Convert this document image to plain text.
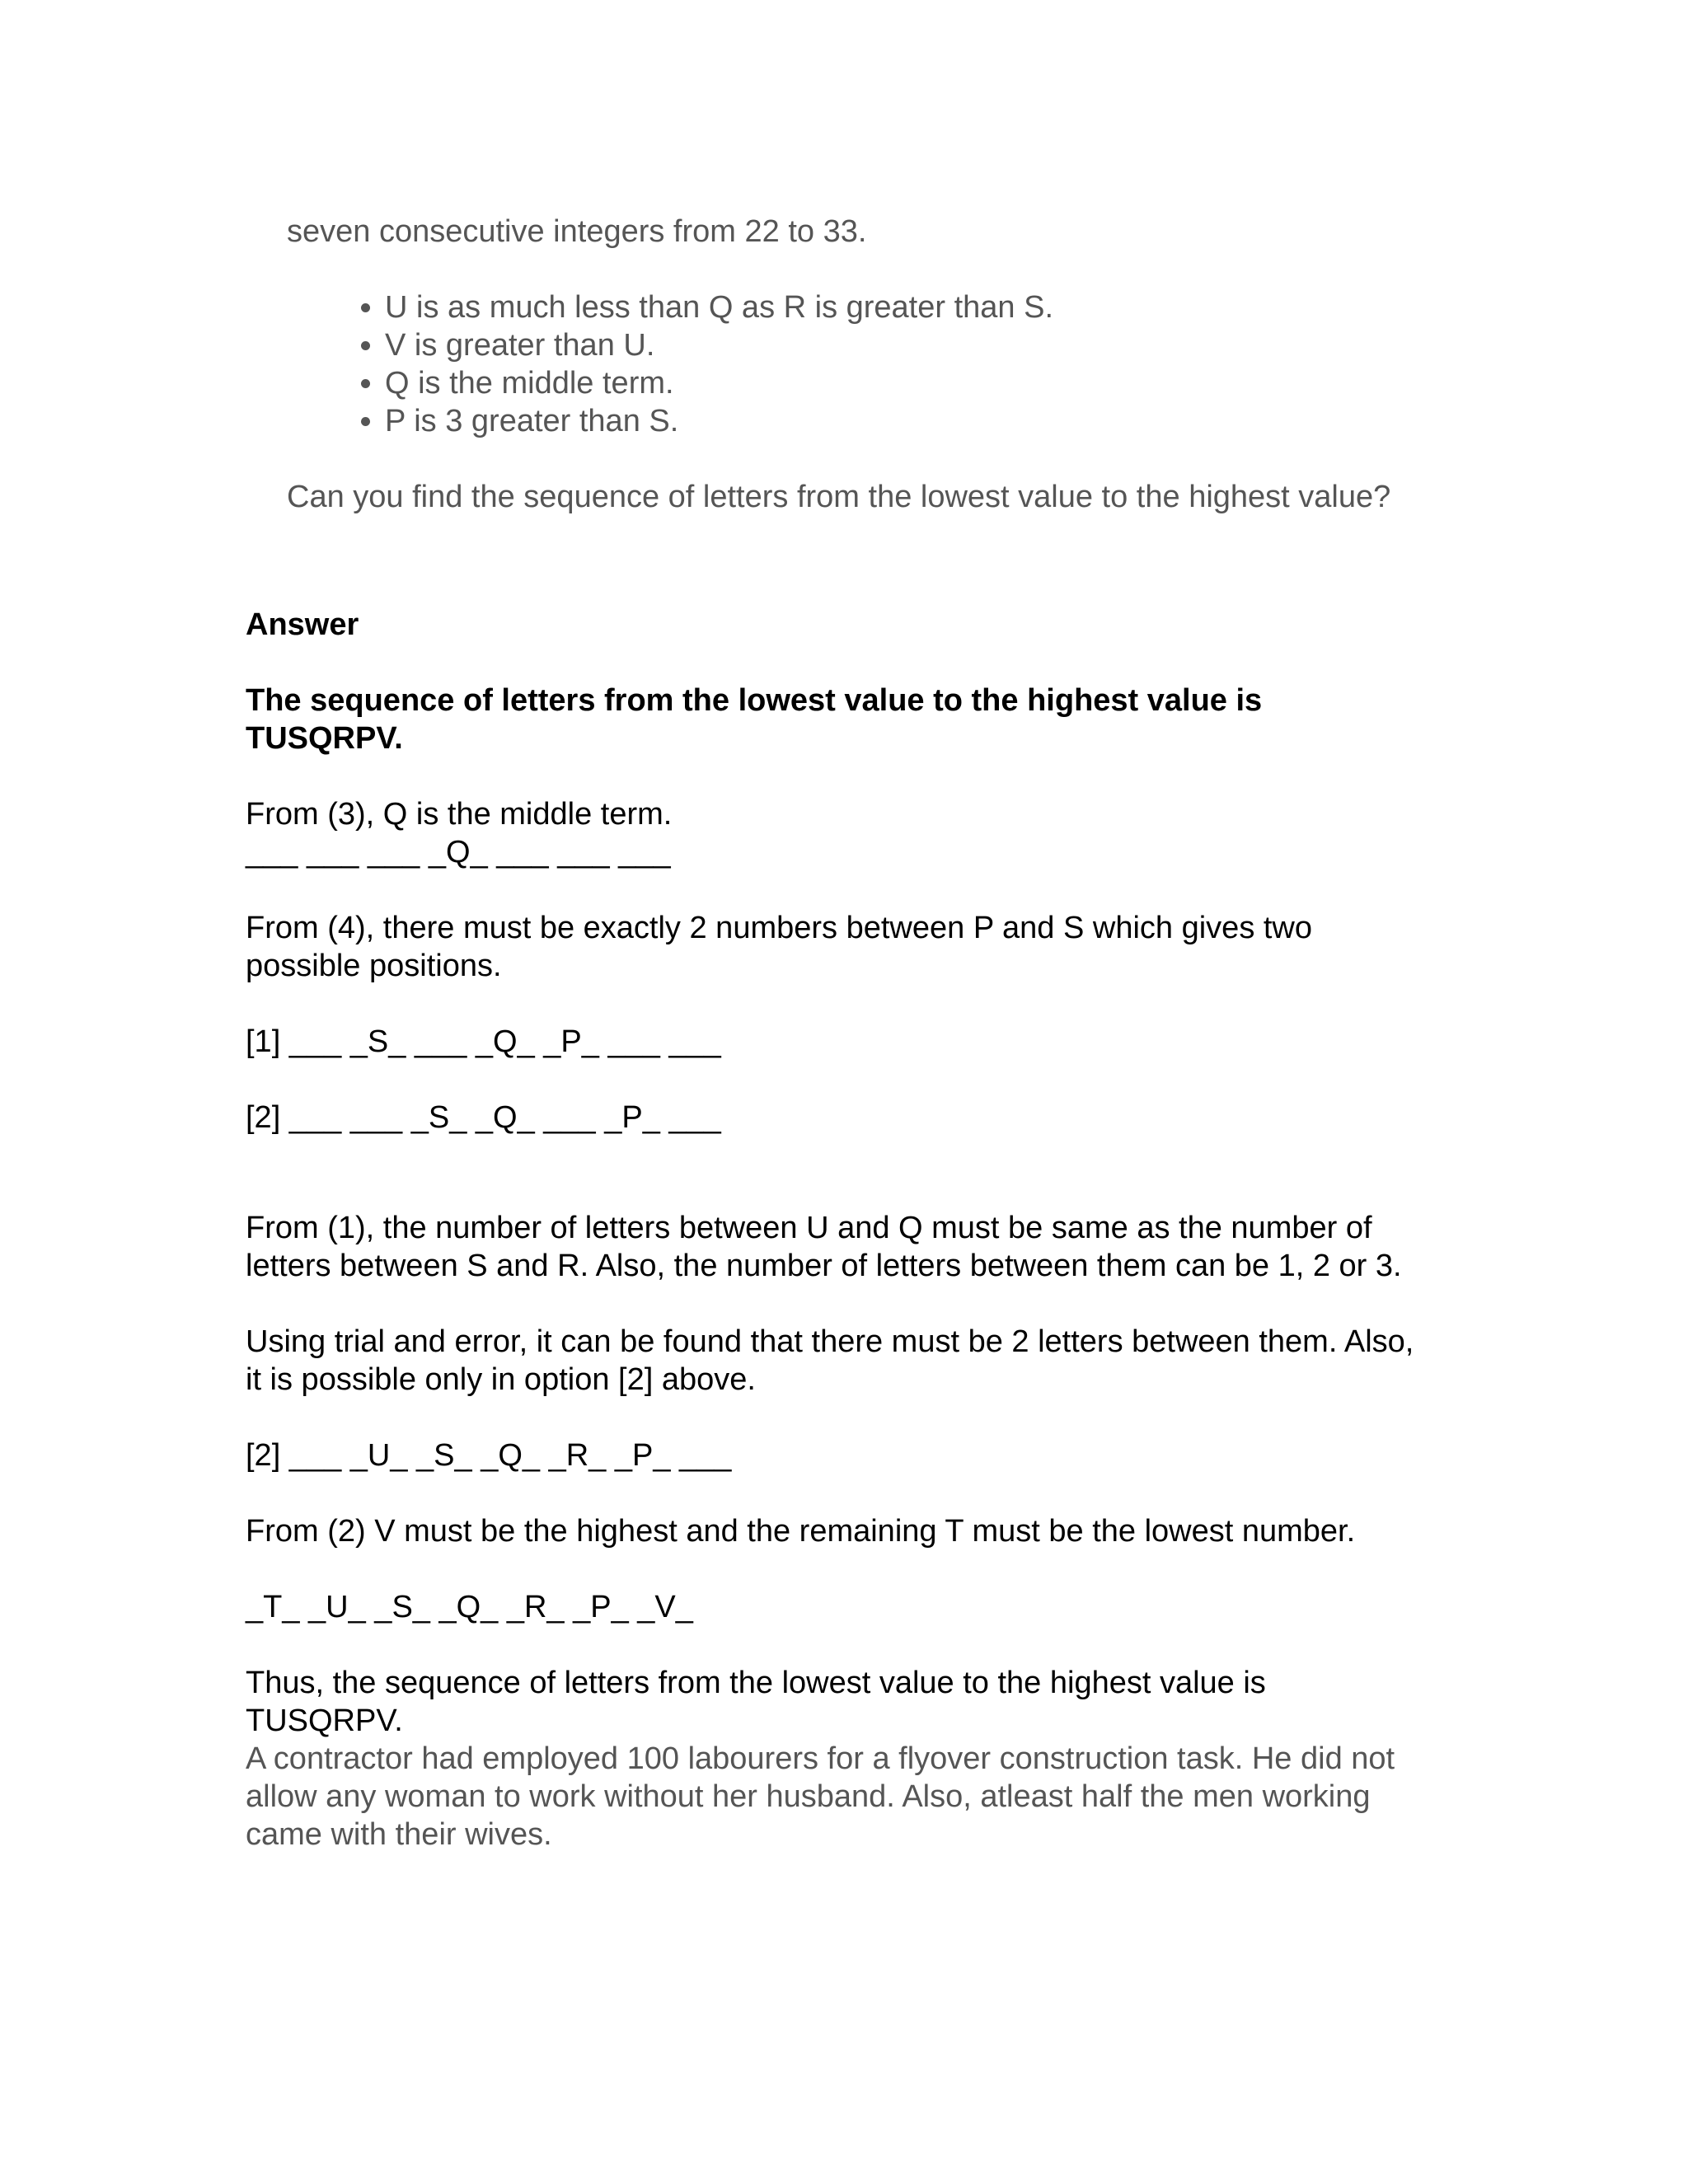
seven consecutive integers from 22 to 33.

• U is as much less than Q as R is greater than S.
• V is greater than U.
• Q is the middle term.
• P is 3 greater than S.

Can you find the sequence of letters from the lowest value to the highest value?

Answer

The sequence of letters from the lowest value to the highest value is TUSQRPV.

From (3), Q is the middle term.

___ ___ ___ _Q_ ___ ___ ___

From (4), there must be exactly 2 numbers between P and S which gives two possible positions.

[1] ___ _S_ ___ _Q_ _P_ ___ ___

[2] ___ ___ _S_ _Q_ ___ _P_ ___

From (1), the number of letters between U and Q must be same as the number of letters between S and R. Also, the number of letters between them can be 1, 2 or 3.

Using trial and error, it can be found that there must be 2 letters between them. Also, it is possible only in option [2] above.

[2] ___ _U_ _S_ _Q_ _R_ _P_ ___

From (2) V must be the highest and the remaining T must be the lowest number.

_T_ _U_ _S_ _Q_ _R_ _P_ _V_

Thus, the sequence of letters from the lowest value to the highest value is TUSQRPV.

A contractor had employed 100 labourers for a flyover construction task. He did not allow any woman to work without her husband. Also, atleast half the men working came with their wives.
